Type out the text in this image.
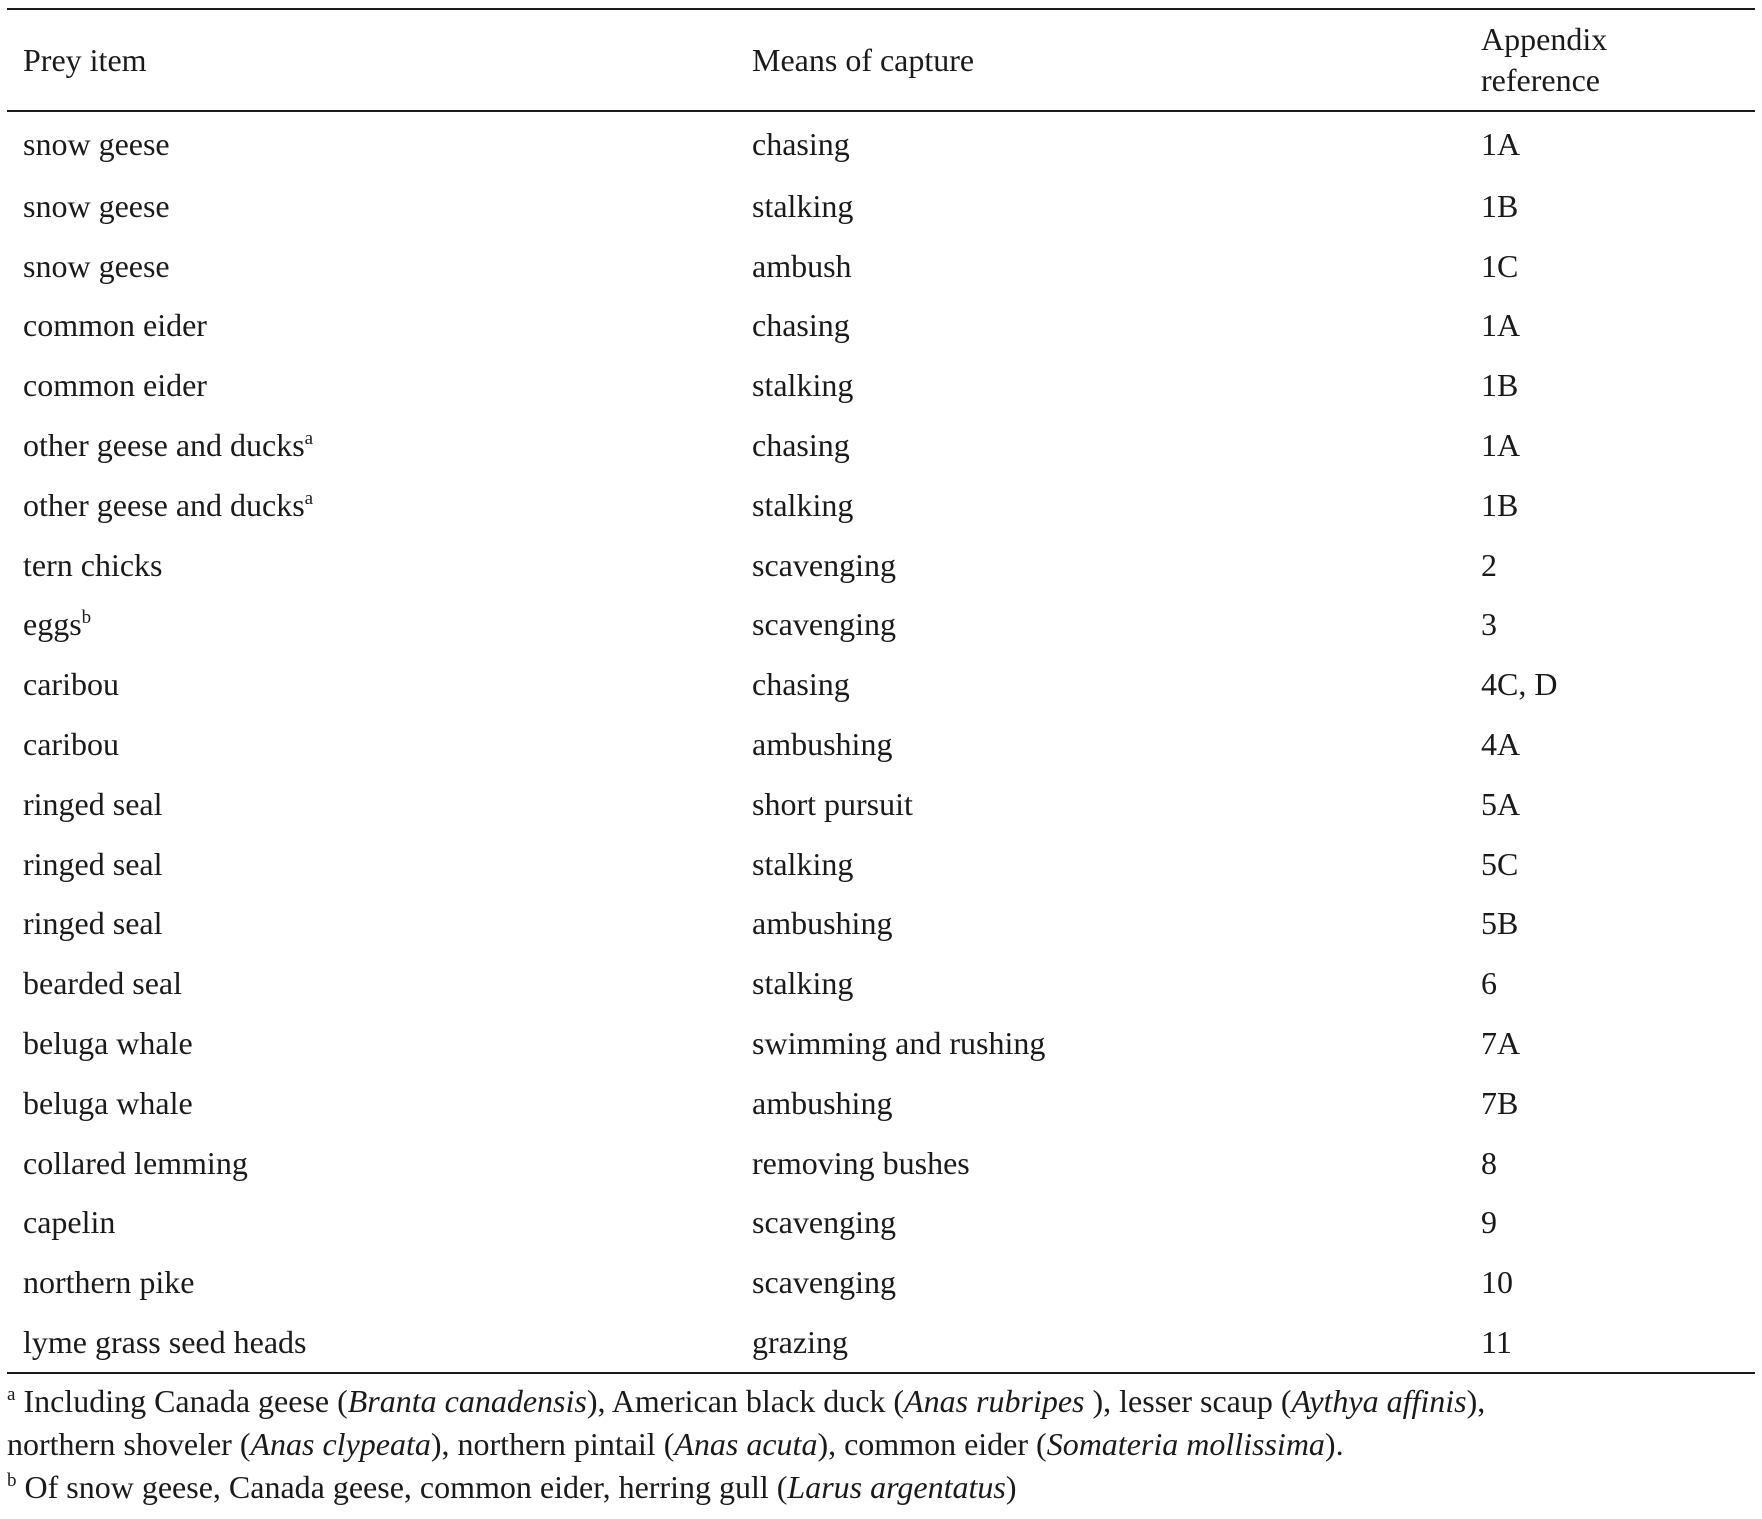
Prey item	Means of capture	Appendix
reference
snow geese	chasing	1A
snow geese	stalking	1B
snow geese	ambush	1C
common eider	chasing	1A
common eider	stalking	1B
other geese and ducks$^a$	chasing	1A
other geese and ducks$^a$	stalking	1B
tern chicks	scavenging	2
eggs$^b$	scavenging	3
caribou	chasing	4C, D
caribou	ambushing	4A
ringed seal	short pursuit	5A
ringed seal	stalking	5C
ringed seal	ambushing	5B
bearded seal	stalking	6
beluga whale	swimming and rushing	7A
beluga whale	ambushing	7B
collared lemming	removing bushes	8
capelin	scavenging	9
northern pike	scavenging	10
lyme grass seed heads	grazing	11
$^a$ Including Canada geese (Branta canadensis), American black duck (Anas rubripes ), lesser scaup (Aythya affinis),
northern shoveler (Anas clypeata), northern pintail (Anas acuta), common eider (Somateria mollissima).
$^b$ Of snow geese, Canada geese, common eider, herring gull (Larus argentatus)
